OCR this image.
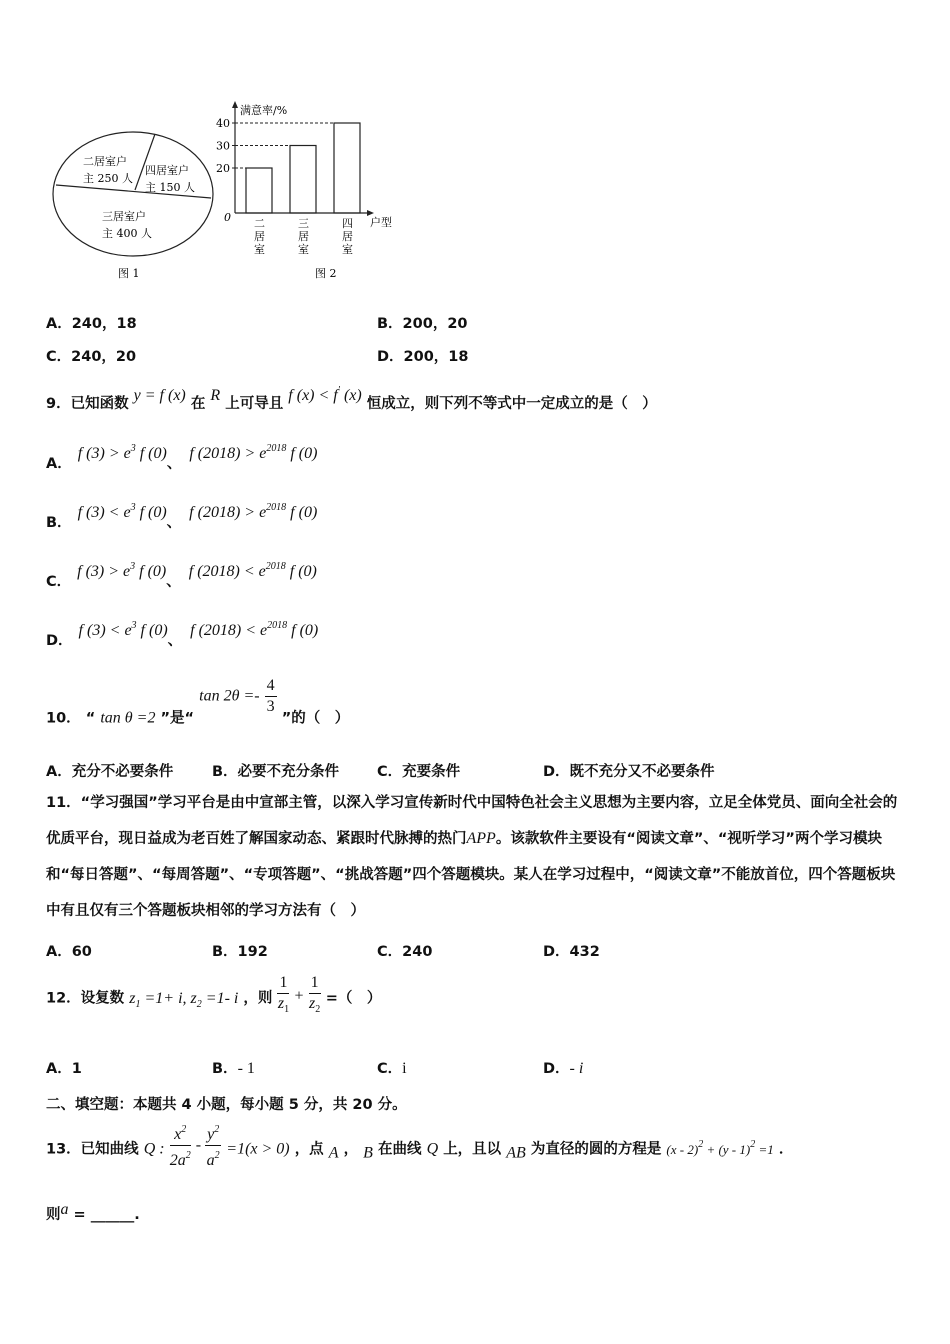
二居室户
主 250 人
四居室户
主 150 人
三居室户
主 400 人
图 1
满意率/%
户型
0
图 2
20
30
40
二
居
室
三
居
室
四
居
室
A．240，18	B．200，20
C．240，20	D．200，18
9．已知函数 y = f (x) 在 R 上可导且 f (x) < f′ (x) 恒成立，则下列不等式中一定成立的是（　）
A．f $(3) > e^3$ f (0)、f $(2018) > e^{2018}$ f (0)
B．f $(3) < e^3$ f (0)、f $(2018) > e^{2018}$ f (0)
C．f $(3) > e^3$ f (0)、f $(2018) < e^{2018}$ f (0)
D．f $(3) < e^3$ f (0)、f $(2018) < e^{2018}$ f (0)
10． “ tan θ =2 ”是“ $\tan 2\theta =- \frac{4}{3}$
”的（　）
A．充分不必要条件	B．必要不充分条件	C．充要条件	D．既不充分又不必要条件
11．“学习强国”学习平台是由中宣部主管，以深入学习宣传新时代中国特色社会主义思想为主要内容，立足全体党员、面向全社会的优质平台，现日益成为老百姓了解国家动态、紧跟时代脉搏的热门APP。该款软件主要设有“阅读文章”、“视听学习”两个学习模块和“每日答题”、“每周答题”、“专项答题”、“挑战答题”四个答题模块。某人在学习过程中，“阅读文章”不能放首位，四个答题板块中有且仅有三个答题板块相邻的学习方法有（　）
A．60	B．192	C．240	D．432
12．设复数 $z_1 =1+ i$, $z_2 =1-$ i ，则 $\frac{1}{z_1} + \frac{1}{z_2}$ =（　）
A．1	B．- 1	C．i	D．- i
二、填空题：本题共 4 小题，每小题 5 分，共 20 分。
13．已知曲线 Q : $\frac{x^2}{2a^2} - \frac{y^2}{a^2} =1(x > 0)$ ，点 A ， B 在曲线 Q 上，且以 AB 为直径的圆的方程是 (x - 2)$^2$ + (y - 1)$^2$ =1 ．
则a = ______.
